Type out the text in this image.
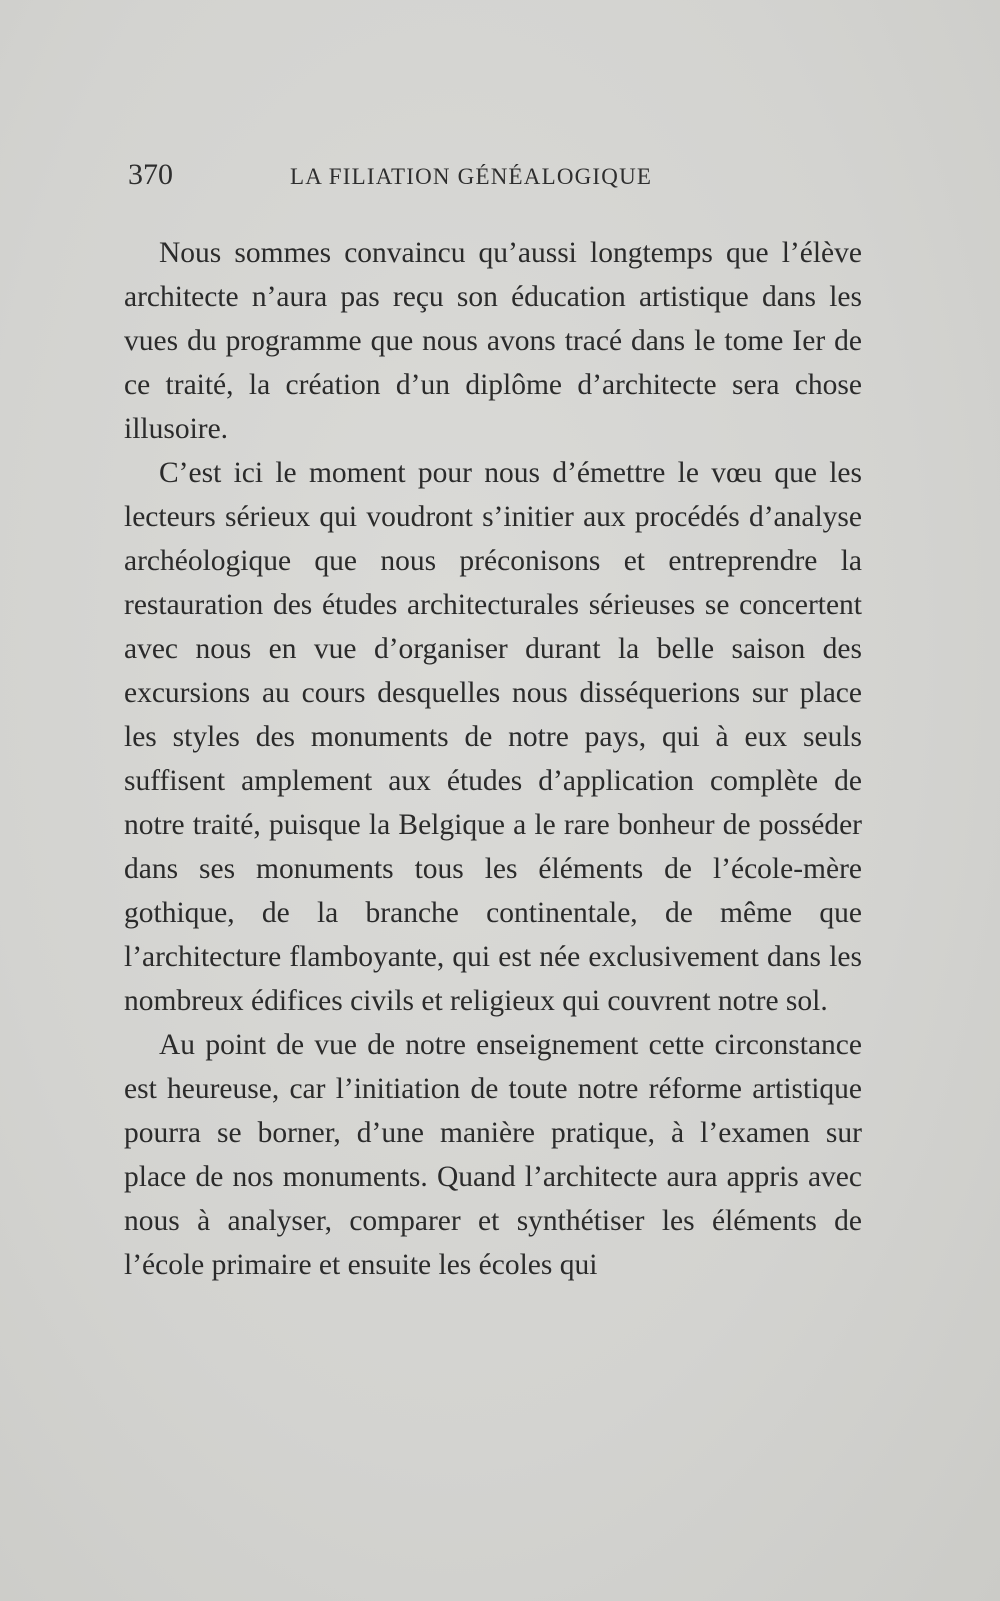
370	LA FILIATION GÉNÉALOGIQUE

Nous sommes convaincu qu’aussi longtemps que l’élève architecte n’aura pas reçu son éducation artistique dans les vues du programme que nous avons tracé dans le tome Ier de ce traité, la création d’un diplôme d’architecte sera chose illusoire.

C’est ici le moment pour nous d’émettre le vœu que les lecteurs sérieux qui voudront s’initier aux procédés d’analyse archéologique que nous préconisons et entreprendre la restauration des études architecturales sérieuses se concertent avec nous en vue d’organiser durant la belle saison des excursions au cours desquelles nous disséquerions sur place les styles des monuments de notre pays, qui à eux seuls suffisent amplement aux études d’application complète de notre traité, puisque la Belgique a le rare bonheur de posséder dans ses monuments tous les éléments de l’école-mère gothique, de la branche continentale, de même que l’architecture flamboyante, qui est née exclusivement dans les nombreux édifices civils et religieux qui couvrent notre sol.

Au point de vue de notre enseignement cette circonstance est heureuse, car l’initiation de toute notre réforme artistique pourra se borner, d’une manière pratique, à l’examen sur place de nos monuments. Quand l’architecte aura appris avec nous à analyser, comparer et synthétiser les éléments de l’école primaire et ensuite les écoles qui
